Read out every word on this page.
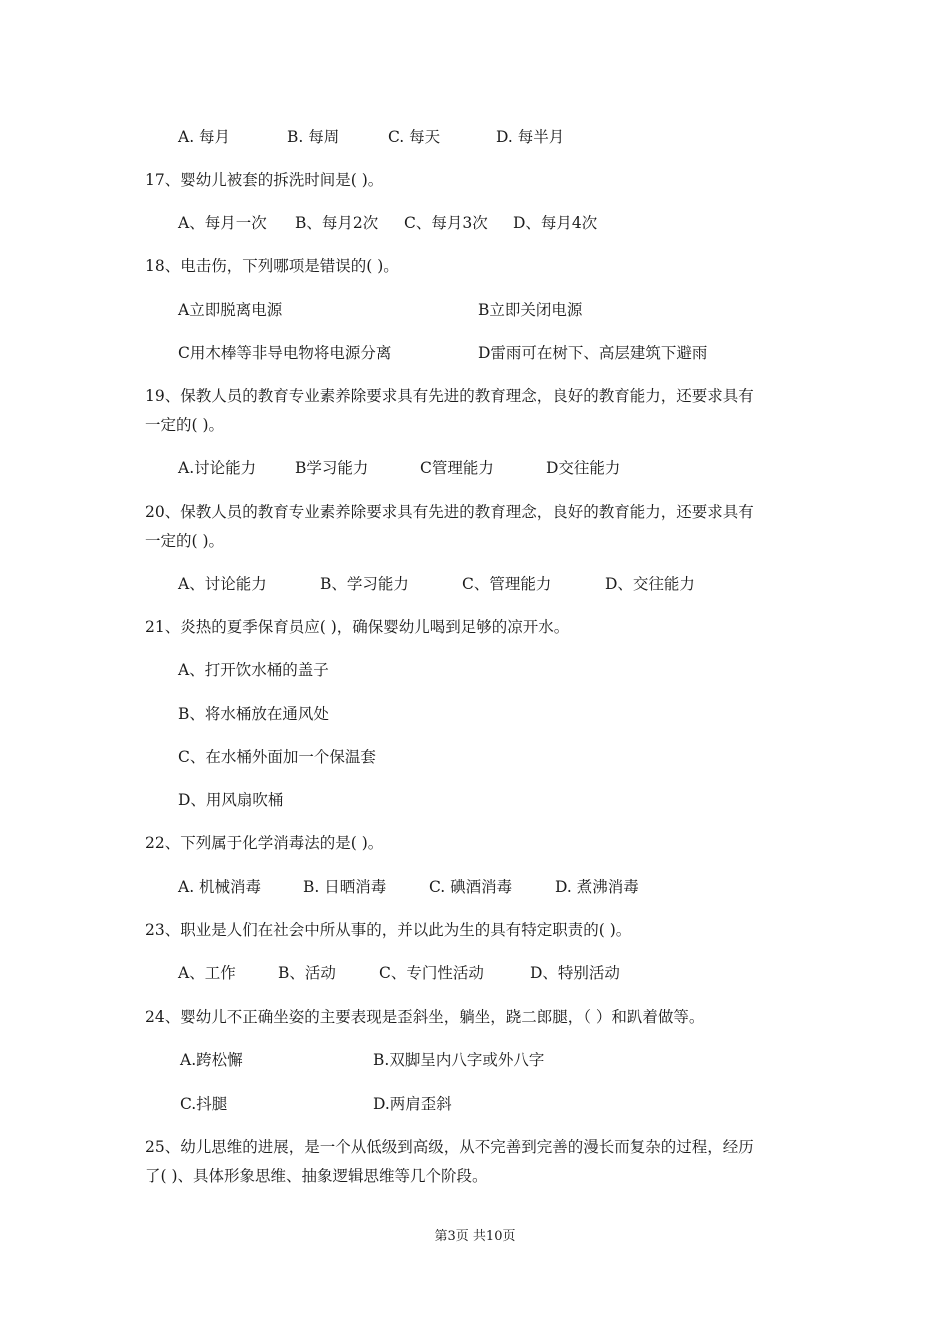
A. 每月	B. 每周	C. 每天	D. 每半月
17、婴幼儿被套的拆洗时间是( )。
A、每月一次 B、每月2次 C、每月3次 D、每月4次
18、电击伤，下列哪项是错误的( )。
A立即脱离电源	B立即关闭电源
C用木棒等非导电物将电源分离	D雷雨可在树下、高层建筑下避雨
19、保教人员的教育专业素养除要求具有先进的教育理念，良好的教育能力，还要求具有
一定的( )。
A.讨论能力	B学习能力	C管理能力	D交往能力
20、保教人员的教育专业素养除要求具有先进的教育理念，良好的教育能力，还要求具有
一定的( )。
A、讨论能力	B、学习能力	C、管理能力	D、交往能力
21、炎热的夏季保育员应( )，确保婴幼儿喝到足够的凉开水。
A、打开饮水桶的盖子
B、将水桶放在通风处
C、在水桶外面加一个保温套
D、用风扇吹桶
22、下列属于化学消毒法的是( )。
A. 机械消毒	B. 日晒消毒	C. 碘酒消毒	D. 煮沸消毒
23、职业是人们在社会中所从事的，并以此为生的具有特定职责的( )。
A、工作	B、活动	C、专门性活动	D、特别活动
24、婴幼儿不正确坐姿的主要表现是歪斜坐，躺坐，跷二郎腿，（ ）和趴着做等。
A.跨松懈	B.双脚呈内八字或外八字
C.抖腿	D.两肩歪斜
25、幼儿思维的进展，是一个从低级到高级，从不完善到完善的漫长而复杂的过程，经历
了( )、具体形象思维、抽象逻辑思维等几个阶段。
第3页 共10页
